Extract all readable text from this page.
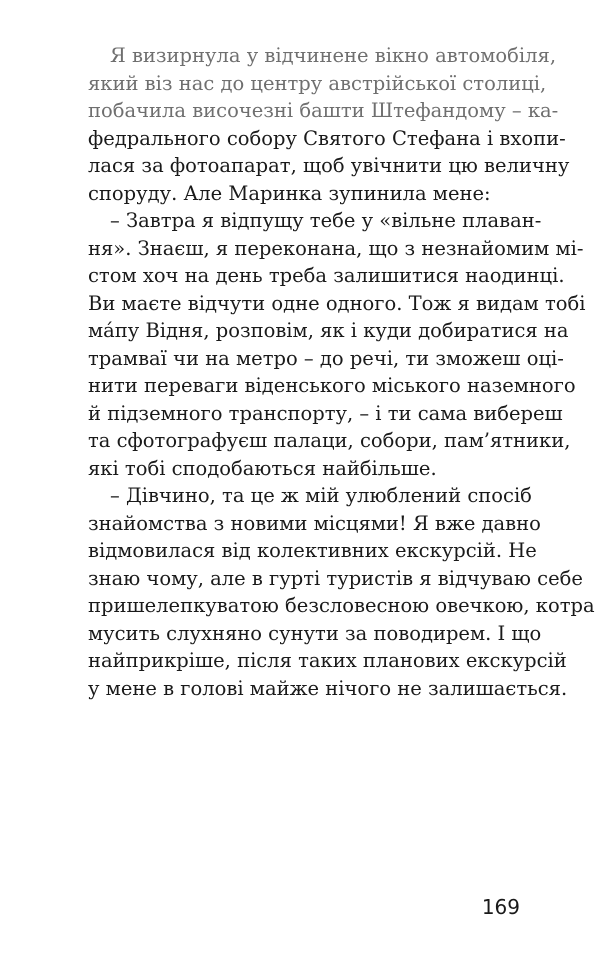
Я визирнула у відчинене вікно автомобіля,
який віз нас до центру австрійської столиці,
побачила височезні башти Штефандому – ка-
федрального собору Святого Стефана і вхопи-
лася за фотоапарат, щоб увічнити цю величну
споруду. Але Маринка зупинила мене:

– Завтра я відпущу тебе у «вільне плаван-
ня». Знаєш, я переконана, що з незнайомим мі-
стом хоч на день треба залишитися наодинці.
Ви маєте відчути одне одного. Тож я видам тобі
ма́пу Відня, розповім, як і куди добиратися на
трамваї чи на метро – до речі, ти зможеш оці-
нити переваги віденського міського наземного
й підземного транспорту, – і ти сама вибереш
та сфотографуєш палаци, собори, пам’ятники,
які тобі сподобаються найбільше.

– Дівчино, та це ж мій улюблений спосіб
знайомства з новими місцями! Я вже давно
відмовилася від колективних екскурсій. Не
знаю чому, але в гурті туристів я відчуваю себе
пришелепкуватою безсловесною овечкою, котра
мусить слухняно сунути за поводирем. І що
найприкріше, після таких планових екскурсій
у мене в голові майже нічого не залишається.

169
